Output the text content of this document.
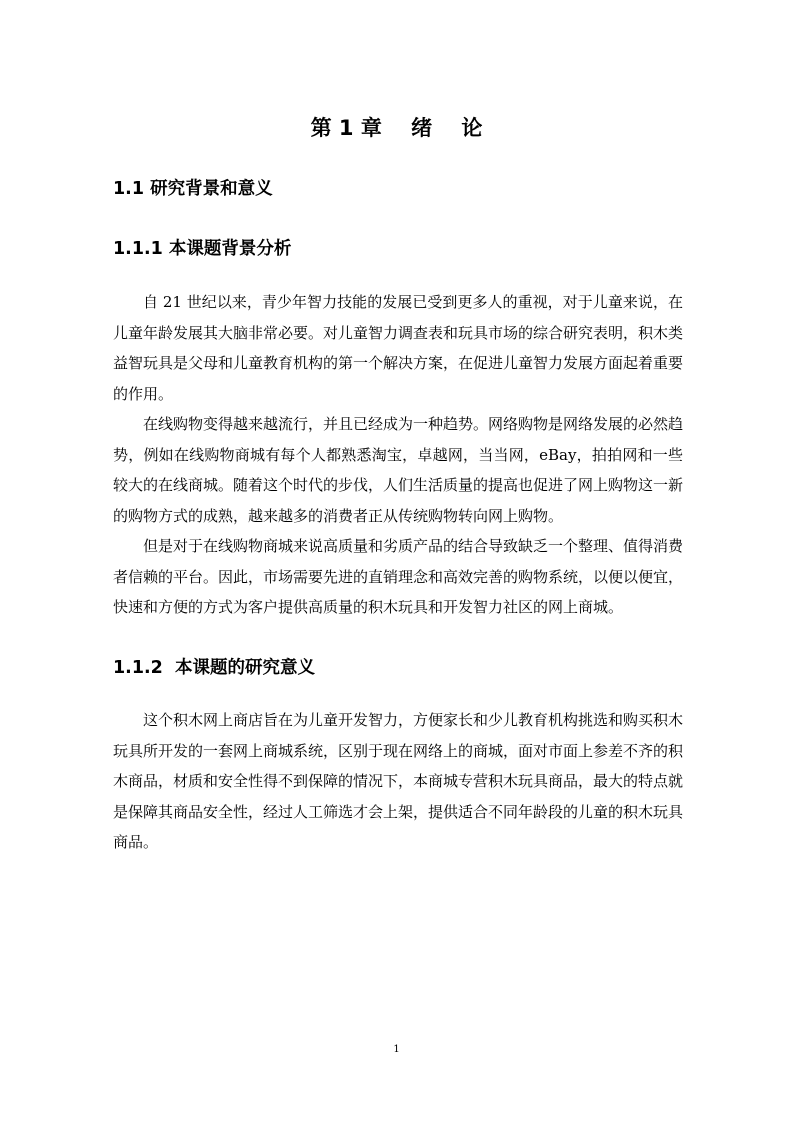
第 1 章    绪    论
1.1 研究背景和意义
1.1.1 本课题背景分析

自 21 世纪以来，青少年智力技能的发展已受到更多人的重视，对于儿童来说，在儿童年龄发展其大脑非常必要。对儿童智力调查表和玩具市场的综合研究表明，积木类益智玩具是父母和儿童教育机构的第一个解决方案，在促进儿童智力发展方面起着重要的作用。

在线购物变得越来越流行，并且已经成为一种趋势。网络购物是网络发展的必然趋势，例如在线购物商城有每个人都熟悉淘宝，卓越网，当当网，eBay，拍拍网和一些较大的在线商城。随着这个时代的步伐，人们生活质量的提高也促进了网上购物这一新的购物方式的成熟，越来越多的消费者正从传统购物转向网上购物。

但是对于在线购物商城来说高质量和劣质产品的结合导致缺乏一个整理、值得消费者信赖的平台。因此，市场需要先进的直销理念和高效完善的购物系统，以便以便宜，快速和方便的方式为客户提供高质量的积木玩具和开发智力社区的网上商城。

1.1.2  本课题的研究意义

这个积木网上商店旨在为儿童开发智力，方便家长和少儿教育机构挑选和购买积木玩具所开发的一套网上商城系统，区别于现在网络上的商城，面对市面上参差不齐的积木商品，材质和安全性得不到保障的情况下，本商城专营积木玩具商品，最大的特点就是保障其商品安全性，经过人工筛选才会上架，提供适合不同年龄段的儿童的积木玩具商品。

1
